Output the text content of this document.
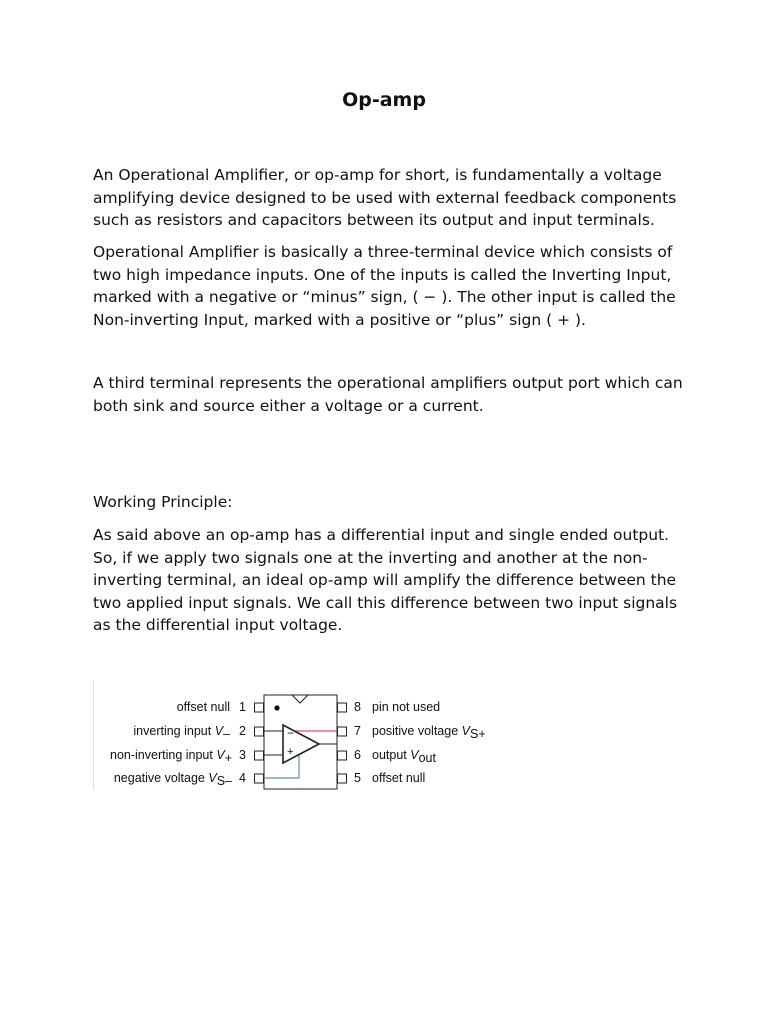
Op-amp

An Operational Amplifier, or op-amp for short, is fundamentally a voltage amplifying device designed to be used with external feedback components such as resistors and capacitors between its output and input terminals.

Operational Amplifier is basically a three-terminal device which consists of two high impedance inputs. One of the inputs is called the Inverting Input, marked with a negative or “minus” sign, ( − ). The other input is called the Non-inverting Input, marked with a positive or “plus” sign ( + ).

A third terminal represents the operational amplifiers output port which can both sink and source either a voltage or a current.

Working Principle:

As said above an op-amp has a differential input and single ended output. So, if we apply two signals one at the inverting and another at the non-inverting terminal, an ideal op-amp will amplify the difference between the two applied input signals. We call this difference between two input signals as the differential input voltage.

−
+
offset null
inverting input V–
non-inverting input V+
negative voltage VS–
1
2
3
4
8
7
6
5
pin not used
positive voltage VS+
output Vout
offset null
